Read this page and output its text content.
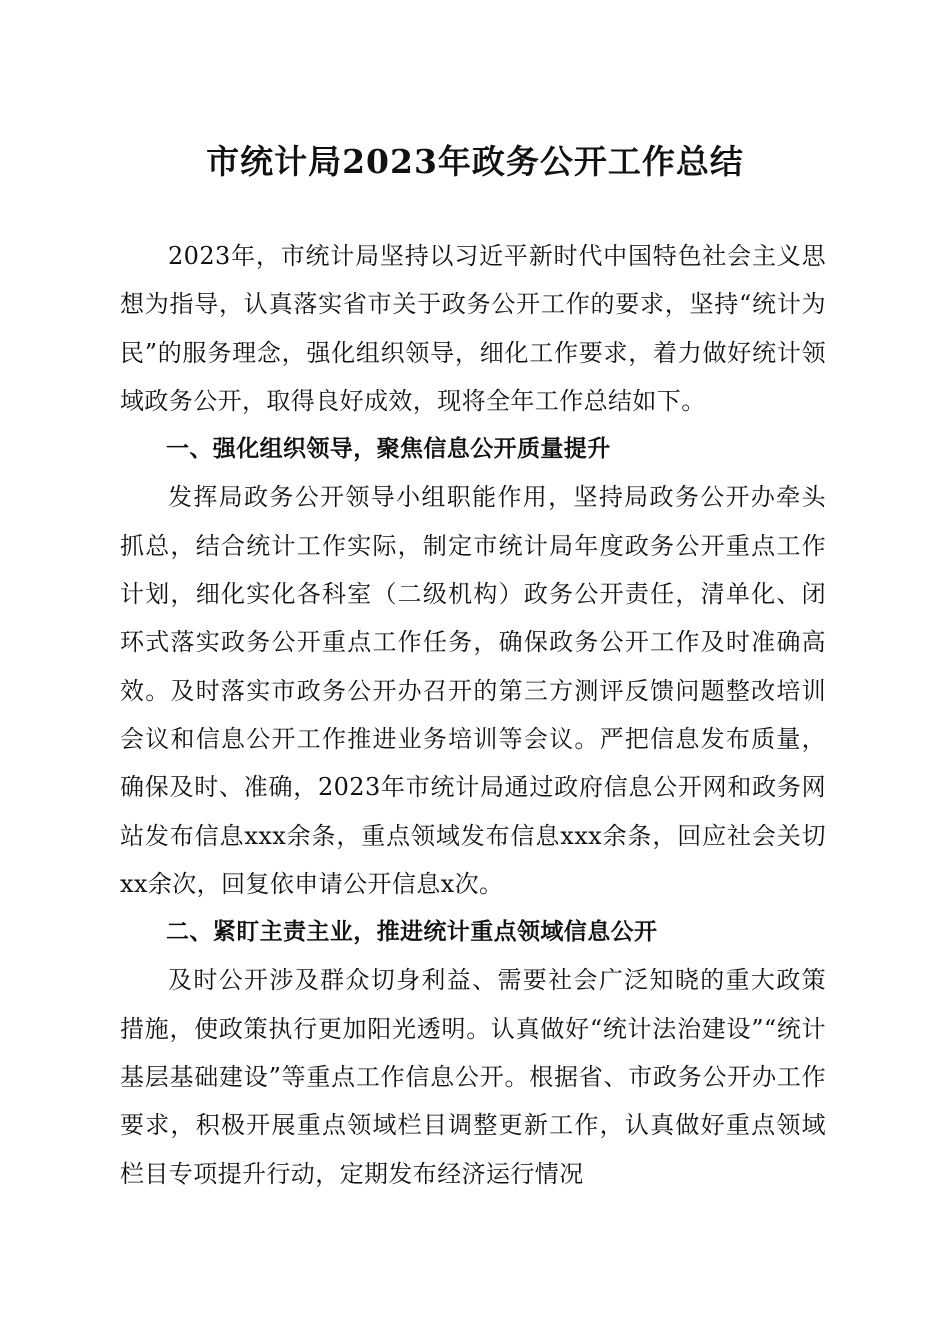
市统计局2023年政务公开工作总结

2023年，市统计局坚持以习近平新时代中国特色社会主义思想为指导，认真落实省市关于政务公开工作的要求，坚持“统计为民”的服务理念，强化组织领导，细化工作要求，着力做好统计领域政务公开，取得良好成效，现将全年工作总结如下。

一、强化组织领导，聚焦信息公开质量提升

发挥局政务公开领导小组职能作用，坚持局政务公开办牵头抓总，结合统计工作实际，制定市统计局年度政务公开重点工作计划，细化实化各科室（二级机构）政务公开责任，清单化、闭环式落实政务公开重点工作任务，确保政务公开工作及时准确高效。及时落实市政务公开办召开的第三方测评反馈问题整改培训会议和信息公开工作推进业务培训等会议。严把信息发布质量，确保及时、准确，2023年市统计局通过政府信息公开网和政务网站发布信息xxx余条，重点领域发布信息xxx余条，回应社会关切xx余次，回复依申请公开信息x次。

二、紧盯主责主业，推进统计重点领域信息公开

及时公开涉及群众切身利益、需要社会广泛知晓的重大政策措施，使政策执行更加阳光透明。认真做好“统计法治建设”“统计基层基础建设”等重点工作信息公开。根据省、市政务公开办工作要求，积极开展重点领域栏目调整更新工作，认真做好重点领域栏目专项提升行动，定期发布经济运行情况
